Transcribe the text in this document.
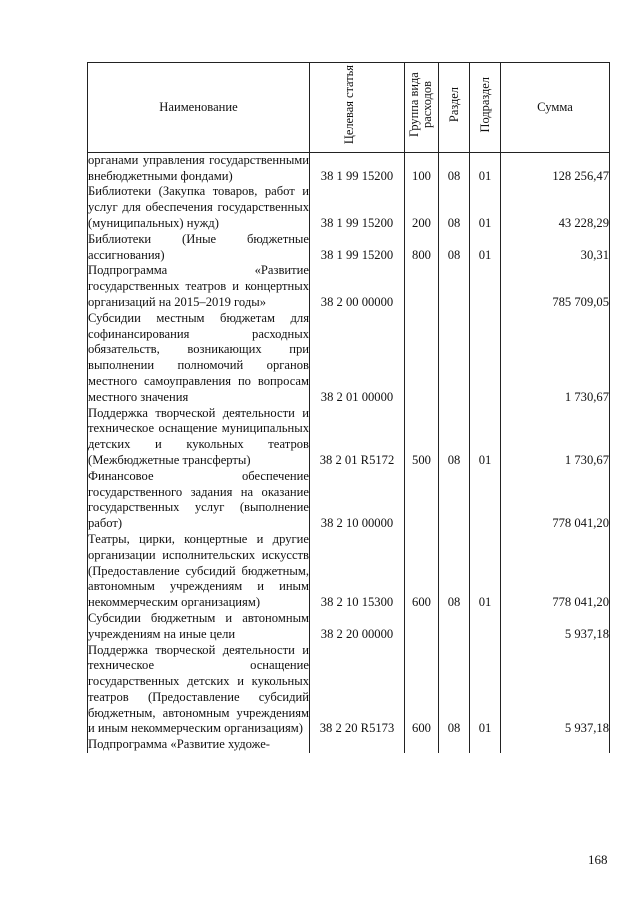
Наименование	Целевая статья	Группа вида расходов	Раздел	Подраздел	Сумма
органами управления государственными внебюджетными фондами)	38 1 99 15200	100	08	01	128 256,47
Библиотеки (Закупка товаров, работ и услуг для обеспечения государственных (муниципальных) нужд)	38 1 99 15200	200	08	01	43 228,29
Библиотеки (Иные бюджетные ассигнования)	38 1 99 15200	800	08	01	30,31
Подпрограмма «Развитие государственных театров и концертных организаций на 2015–2019 годы»	38 2 00 00000				785 709,05
Субсидии местным бюджетам для софинансирования расходных обязательств, возникающих при выполнении полномочий органов местного самоуправления по вопросам местного значения	38 2 01 00000				1 730,67
Поддержка творческой деятельности и техническое оснащение муниципальных детских и кукольных театров (Межбюджетные трансферты)	38 2 01 R5172	500	08	01	1 730,67
Финансовое обеспечение государственного задания на оказание государственных услуг (выполнение работ)	38 2 10 00000				778 041,20
Театры, цирки, концертные и другие организации исполнительских искусств (Предоставление субсидий бюджетным, автономным учреждениям и иным некоммерческим организациям)	38 2 10 15300	600	08	01	778 041,20
Субсидии бюджетным и автономным учреждениям на иные цели	38 2 20 00000				5 937,18
Поддержка творческой деятельности и техническое оснащение государственных детских и кукольных театров (Предоставление субсидий бюджетным, автономным учреждениям и иным некоммерческим организациям)	38 2 20 R5173	600	08	01	5 937,18
Подпрограмма «Развитие художе-					
168
